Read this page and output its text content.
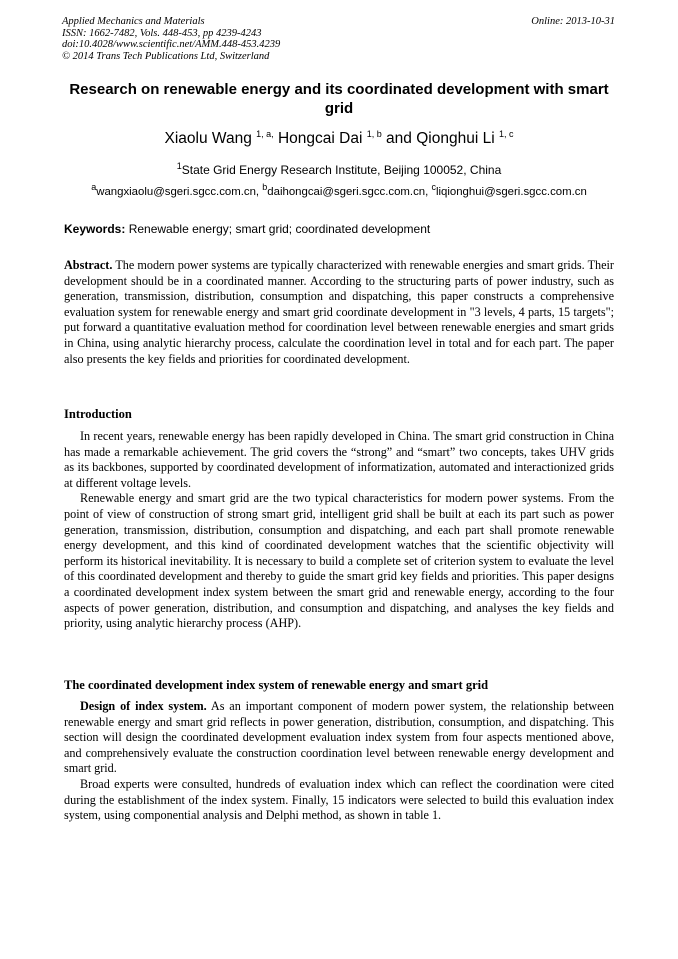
Applied Mechanics and Materials
ISSN: 1662-7482, Vols. 448-453, pp 4239-4243
doi:10.4028/www.scientific.net/AMM.448-453.4239
© 2014 Trans Tech Publications Ltd, Switzerland
Online: 2013-10-31
Research on renewable energy and its coordinated development with smart grid
Xiaolu Wang $^{1, a,}$ Hongcai Dai $^{1, b}$ and Qionghui Li $^{1, c}$
$^1$State Grid Energy Research Institute, Beijing 100052, China
$^a$wangxiaolu@sgeri.sgcc.com.cn, $^b$daihongcai@sgeri.sgcc.com.cn, $^c$liqionghui@sgeri.sgcc.com.cn
Keywords: Renewable energy; smart grid; coordinated development

Abstract. The modern power systems are typically characterized with renewable energies and smart grids. Their development should be in a coordinated manner. According to the structuring parts of power industry, such as generation, transmission, distribution, consumption and dispatching, this paper constructs a comprehensive evaluation system for renewable energy and smart grid coordinate development in "3 levels, 4 parts, 15 targets"; put forward a quantitative evaluation method for coordination level between renewable energies and smart grids in China, using analytic hierarchy process, calculate the coordination level in total and for each part. The paper also presents the key fields and priorities for coordinated development.

Introduction

In recent years, renewable energy has been rapidly developed in China. The smart grid construction in China has made a remarkable achievement. The grid covers the “strong” and “smart” two concepts, takes UHV grids as its backbones, supported by coordinated development of informatization, automated and interactionized grids at different voltage levels.

Renewable energy and smart grid are the two typical characteristics for modern power systems. From the point of view of construction of strong smart grid, intelligent grid shall be built at each its part such as power generation, transmission, distribution, consumption and dispatching, and each part shall promote renewable energy development, and this kind of coordinated development watches that the scientific objectivity will perform its historical inevitability. It is necessary to build a complete set of criterion system to evaluate the level of this coordinated development and thereby to guide the smart grid key fields and priorities. This paper designs a coordinated development index system between the smart grid and renewable energy, according to the four aspects of power generation, distribution, and consumption and dispatching, and analyses the key fields and priority, using analytic hierarchy process (AHP).

The coordinated development index system of renewable energy and smart grid

Design of index system. As an important component of modern power system, the relationship between renewable energy and smart grid reflects in power generation, distribution, consumption, and dispatching. This section will design the coordinated development evaluation index system from four aspects mentioned above, and comprehensively evaluate the construction coordination level between renewable energy development and smart grid.

Broad experts were consulted, hundreds of evaluation index which can reflect the coordination were cited during the establishment of the index system. Finally, 15 indicators were selected to build this evaluation index system, using componential analysis and Delphi method, as shown in table 1.
